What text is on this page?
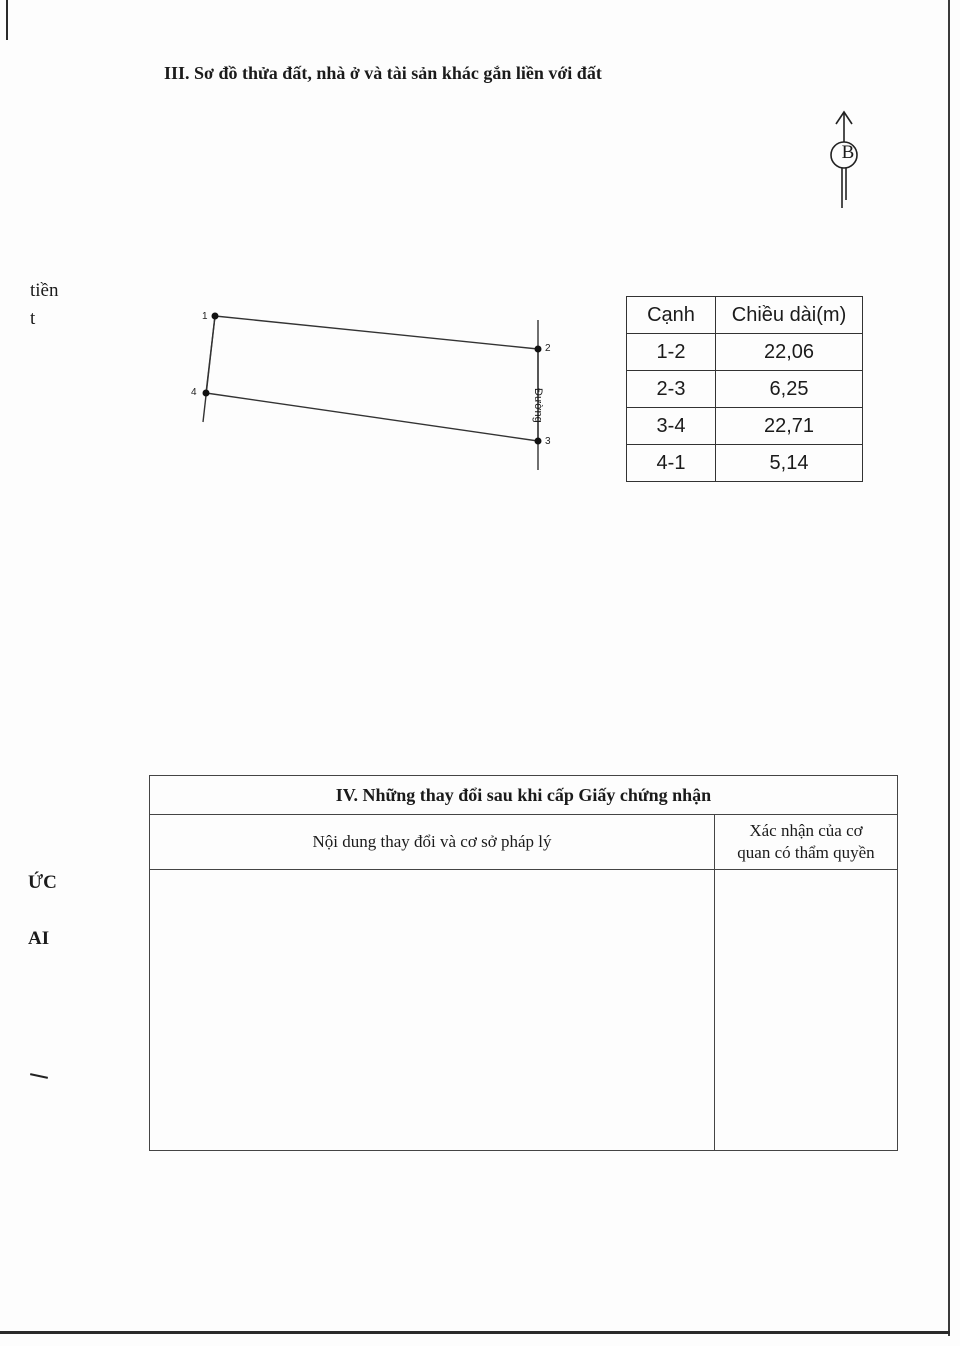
III. Sơ đồ thửa đất, nhà ở và tài sản khác gắn liền với đất
tiền
t
ỨC
AI
B
1
2
3
4	Đường
Cạnh	Chiều dài(m)
1-2	22,06
2-3	6,25
3-4	22,71
4-1	5,14
IV. Những thay đổi sau khi cấp Giấy chứng nhận	
Nội dung thay đổi và cơ sở pháp lý	Xác nhận của cơ
quan có thẩm quyền
